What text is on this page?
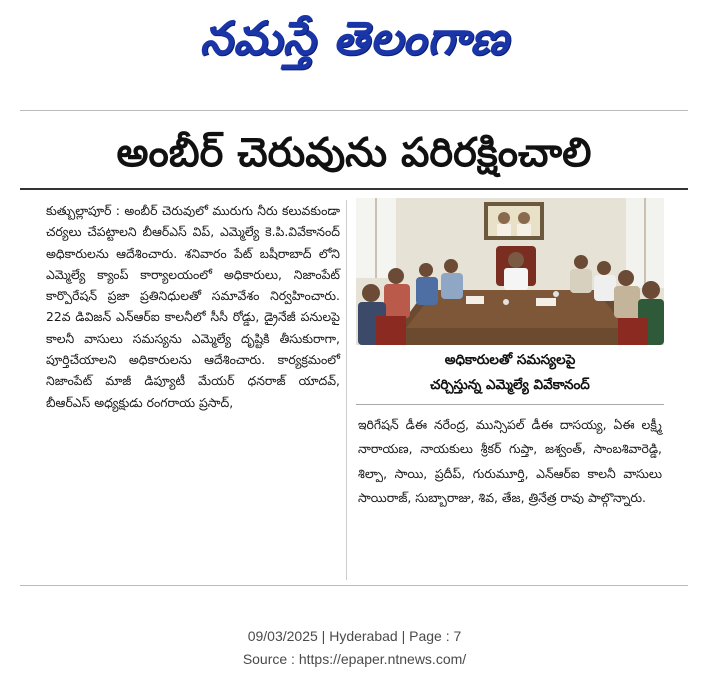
నమస్తే తెలంగాణ
అంబీర్ చెరువును పరిరక్షించాలి

కుత్బుల్లాపూర్ : అంబీర్ చెరువులో మురుగు నీరు కలువకుండా చర్యలు చేపట్టాలని బీఆర్ఎస్ విప్, ఎమ్మెల్యే కె.పి.వివేకానంద్ అధికారులను ఆదేశించారు. శనివారం పేట్ బషీరాబాద్ లోని ఎమ్మెల్యే క్యాంప్ కార్యాలయంలో అధికారులు, నిజాంపేట్ కార్పొరేషన్ ప్రజా ప్రతినిధులతో సమావేశం నిర్వహించారు. 22వ డివిజన్ ఎన్ఆర్ఐ కాలనీలో సీసీ రోడ్డు, డ్రైనేజీ పనులపై కాలనీ వాసులు సమస్యను ఎమ్మెల్యే దృష్టికి తీసుకురాగా, పూర్తిచేయాలని అధికారులను ఆదేశించారు. కార్యక్రమంలో నిజాంపేట్ మాజీ డిప్యూటీ మేయర్ ధనరాజ్ యాదవ్, బీఆర్ఎస్ అధ్యక్షుడు రంగరాయ ప్రసాద్,

అధికారులతో సమస్యలపై
చర్చిస్తున్న ఎమ్మెల్యే వివేకానంద్

ఇరిగేషన్ డీఈ నరేంద్ర, మున్సిపల్ డీఈ దాసయ్య, ఏఈ లక్ష్మీ నారాయణ, నాయకులు శ్రీకర్ గుప్తా, జశ్వంత్, సాంబశివారెడ్డి, శిల్పా, సాయి, ప్రదీప్, గురుమూర్తి, ఎన్ఆర్ఐ కాలనీ వాసులు సాయిరాజ్, సుబ్బారాజు, శివ, తేజ, త్రినేత్ర రావు పాల్గొన్నారు.

09/03/2025 | Hyderabad | Page : 7
Source : https://epaper.ntnews.com/
